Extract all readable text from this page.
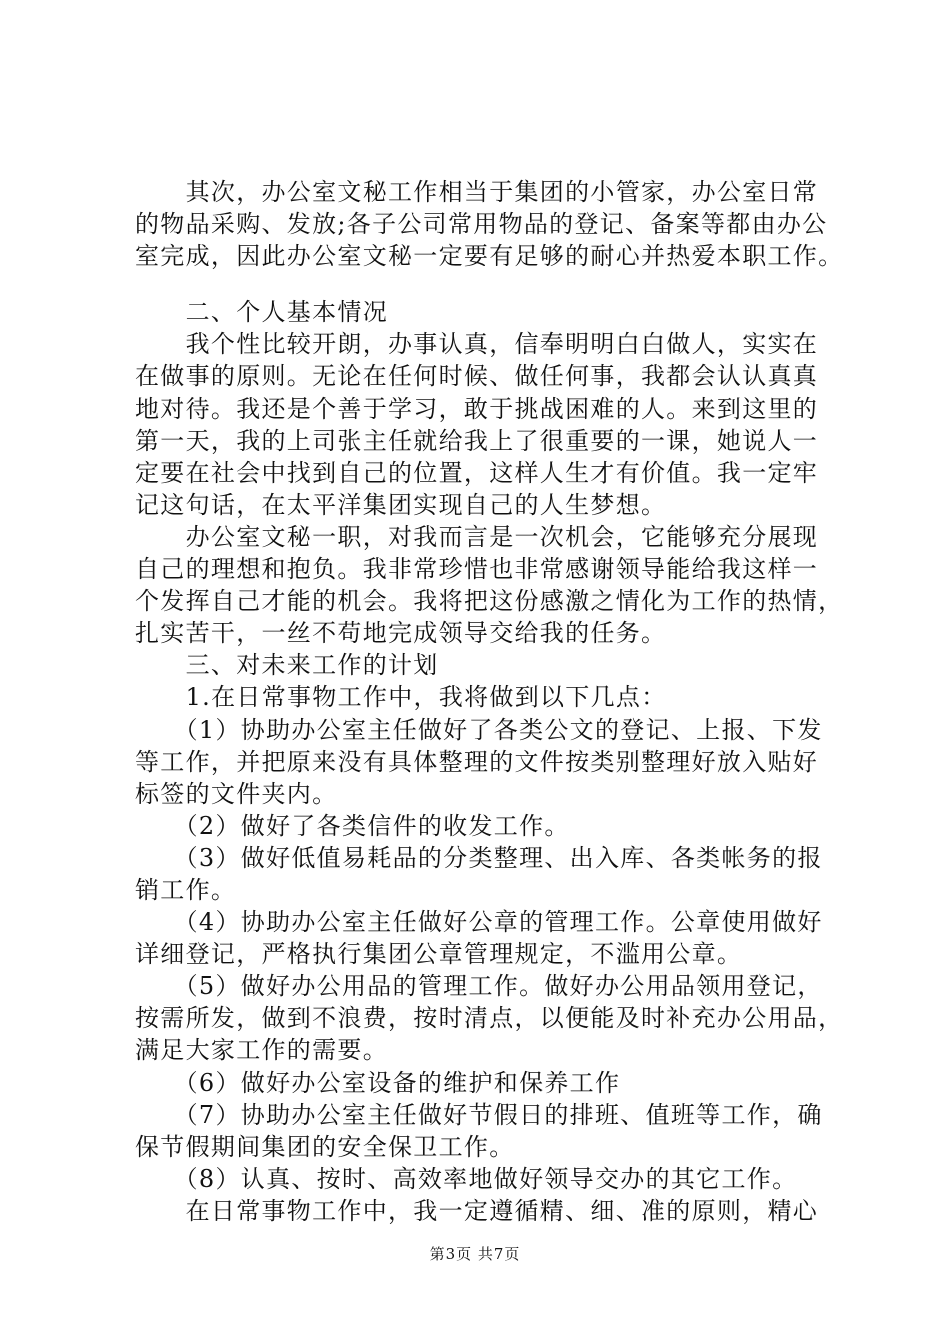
　　其次，办公室文秘工作相当于集团的小管家，办公室日常
的物品采购、发放;各子公司常用物品的登记、备案等都由办公
室完成，因此办公室文秘一定要有足够的耐心并热爱本职工作。
　　二、个人基本情况
　　我个性比较开朗，办事认真，信奉明明白白做人，实实在
在做事的原则。无论在任何时候、做任何事，我都会认认真真
地对待。我还是个善于学习，敢于挑战困难的人。来到这里的
第一天，我的上司张主任就给我上了很重要的一课，她说人一
定要在社会中找到自己的位置，这样人生才有价值。我一定牢
记这句话，在太平洋集团实现自己的人生梦想。
　　办公室文秘一职，对我而言是一次机会，它能够充分展现
自己的理想和抱负。我非常珍惜也非常感谢领导能给我这样一
个发挥自己才能的机会。我将把这份感激之情化为工作的热情，
扎实苦干，一丝不苟地完成领导交给我的任务。
　　三、对未来工作的计划
　　1.在日常事物工作中，我将做到以下几点：
　　（1）协助办公室主任做好了各类公文的登记、上报、下发
等工作，并把原来没有具体整理的文件按类别整理好放入贴好
标签的文件夹内。
　　（2）做好了各类信件的收发工作。
　　（3）做好低值易耗品的分类整理、出入库、各类帐务的报
销工作。
　　（4）协助办公室主任做好公章的管理工作。公章使用做好
详细登记，严格执行集团公章管理规定，不滥用公章。
　　（5）做好办公用品的管理工作。做好办公用品领用登记，
按需所发，做到不浪费，按时清点，以便能及时补充办公用品，
满足大家工作的需要。
　　（6）做好办公室设备的维护和保养工作
　　（7）协助办公室主任做好节假日的排班、值班等工作，确
保节假期间集团的安全保卫工作。
　　（8）认真、按时、高效率地做好领导交办的其它工作。
　　在日常事物工作中，我一定遵循精、细、准的原则，精心
第3页 共7页
